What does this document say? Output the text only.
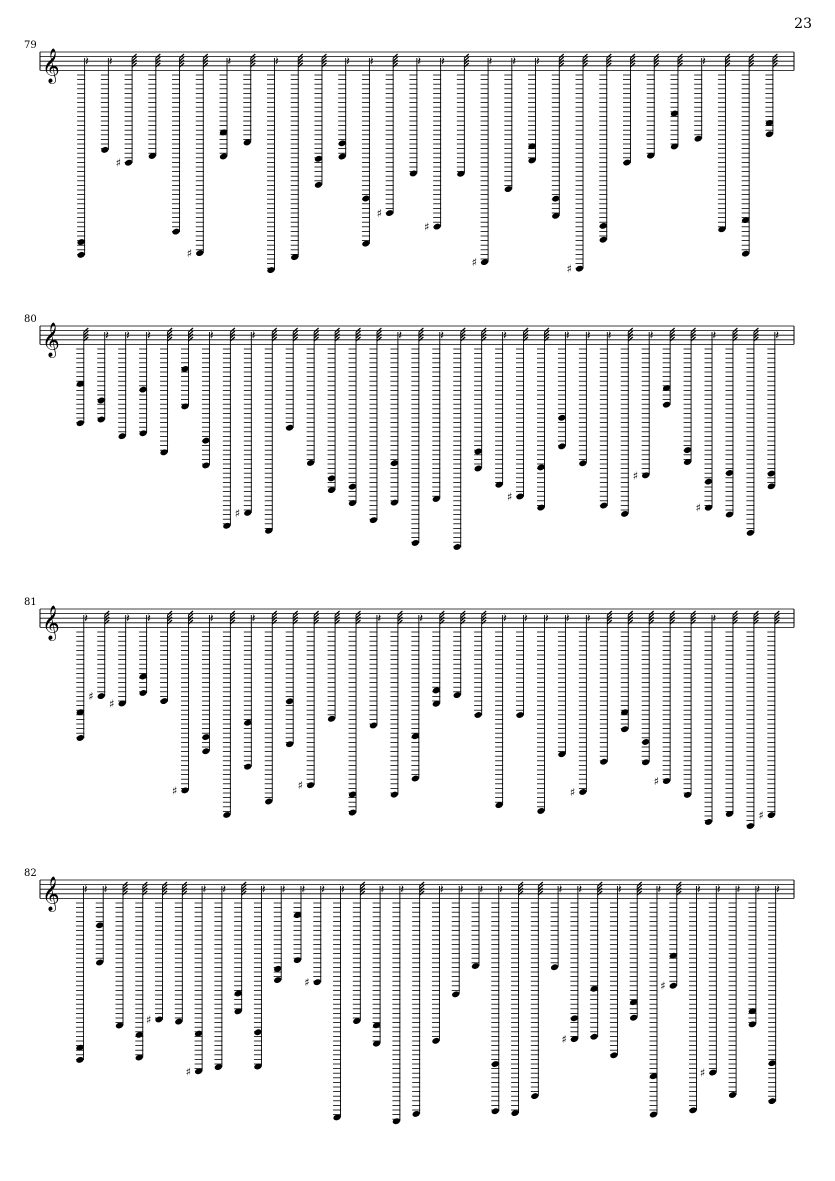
23
79
𝄞 𝄽 𝄽
♯
♯
𝄽	𝄽	𝄽 𝄽
♯
𝄽
♯
𝄽
♯
𝄽 𝄽 𝄽
♯
𝄽
80
𝄞	𝄽 𝄽 𝄽	𝄽
♯
𝄽	𝄽	𝄽	𝄽
♯
𝄽 𝄽 𝄽
♯
𝄽
♯
𝄽	𝄽
81
𝄞 𝄽
♯
♯
𝄽 𝄽
♯
𝄽	𝄽
♯
𝄽	𝄽	𝄽 𝄽 𝄽 𝄽
♯
𝄽
♯
𝄽
♯
82
𝄞 𝄽 𝄽
♯
♯
𝄽 𝄽	𝄽 𝄽 𝄽
♯
𝄽 𝄽	𝄽 𝄽	𝄽 𝄽 𝄽 𝄽	𝄽
♯
𝄽	𝄽	𝄽
♯
𝄽
♯
𝄽 𝄽 𝄽 𝄽
